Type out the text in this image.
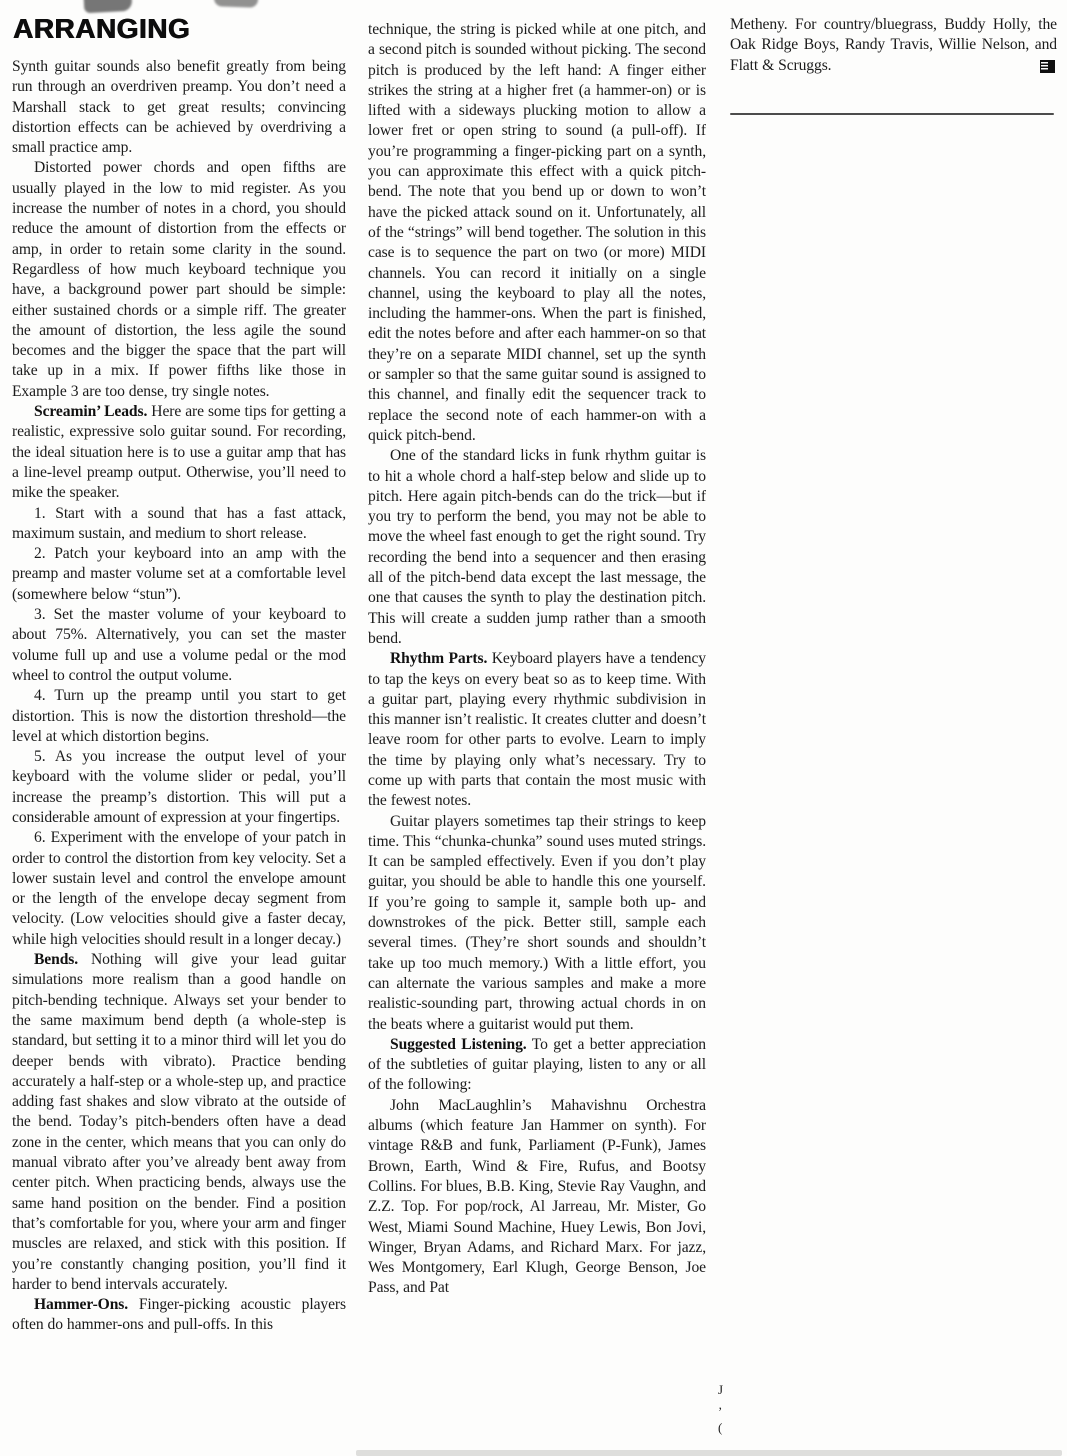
ARRANGING

Synth guitar sounds also benefit greatly from being run through an overdriven preamp. You don’t need a Marshall stack to get great results; convincing distortion effects can be achieved by overdriving a small practice amp.

Distorted power chords and open fifths are usually played in the low to mid register. As you increase the number of notes in a chord, you should reduce the amount of distortion from the effects or amp, in order to retain some clarity in the sound. Regardless of how much keyboard technique you have, a background power part should be simple: either sustained chords or a simple riff. The greater the amount of distortion, the less agile the sound becomes and the bigger the space that the part will take up in a mix. If power fifths like those in Example 3 are too dense, try single notes.

Screamin’ Leads. Here are some tips for getting a realistic, expressive solo guitar sound. For recording, the ideal situation here is to use a guitar amp that has a line-level preamp output. Otherwise, you’ll need to mike the speaker.

1. Start with a sound that has a fast attack, maximum sustain, and medium to short release.

2. Patch your keyboard into an amp with the preamp and master volume set at a comfortable level (somewhere below “stun”).

3. Set the master volume of your keyboard to about 75%. Alternatively, you can set the master volume full up and use a volume pedal or the mod wheel to control the output volume.

4. Turn up the preamp until you start to get distortion. This is now the distortion threshold—the level at which distortion begins.

5. As you increase the output level of your keyboard with the volume slider or pedal, you’ll increase the preamp’s distortion. This will put a considerable amount of expression at your fingertips.

6. Experiment with the envelope of your patch in order to control the distortion from key velocity. Set a lower sustain level and control the envelope amount or the length of the envelope decay segment from velocity. (Low velocities should give a faster decay, while high velocities should result in a longer decay.)

Bends. Nothing will give your lead guitar simulations more realism than a good handle on pitch-bending technique. Always set your bender to the same maximum bend depth (a whole-step is standard, but setting it to a minor third will let you do deeper bends with vibrato). Practice bending accurately a half-step or a whole-step up, and practice adding fast shakes and slow vibrato at the outside of the bend. Today’s pitch-benders often have a dead zone in the center, which means that you can only do manual vibrato after you’ve already bent away from center pitch. When practicing bends, always use the same hand position on the bender. Find a position that’s comfortable for you, where your arm and finger muscles are relaxed, and stick with this position. If you’re constantly changing position, you’ll find it harder to bend intervals accurately.

Hammer-Ons. Finger-picking acoustic players often do hammer-ons and pull-offs. In this

technique, the string is picked while at one pitch, and a second pitch is sounded without picking. The second pitch is produced by the left hand: A finger either strikes the string at a higher fret (a hammer-on) or is lifted with a sideways plucking motion to allow a lower fret or open string to sound (a pull-off). If you’re programming a finger-picking part on a synth, you can approximate this effect with a quick pitch-bend. The note that you bend up or down to won’t have the picked attack sound on it. Unfortunately, all of the “strings” will bend together. The solution in this case is to sequence the part on two (or more) MIDI channels. You can record it initially on a single channel, using the keyboard to play all the notes, including the hammer-ons. When the part is finished, edit the notes before and after each hammer-on so that they’re on a separate MIDI channel, set up the synth or sampler so that the same guitar sound is assigned to this channel, and finally edit the sequencer track to replace the second note of each hammer-on with a quick pitch-bend.

One of the standard licks in funk rhythm guitar is to hit a whole chord a half-step below and slide up to pitch. Here again pitch-bends can do the trick—but if you try to perform the bend, you may not be able to move the wheel fast enough to get the right sound. Try recording the bend into a sequencer and then erasing all of the pitch-bend data except the last message, the one that causes the synth to play the destination pitch. This will create a sudden jump rather than a smooth bend.

Rhythm Parts. Keyboard players have a tendency to tap the keys on every beat so as to keep time. With a guitar part, playing every rhythmic subdivision in this manner isn’t realistic. It creates clutter and doesn’t leave room for other parts to evolve. Learn to imply the time by playing only what’s necessary. Try to come up with parts that contain the most music with the fewest notes.

Guitar players sometimes tap their strings to keep time. This “chunka-chunka” sound uses muted strings. It can be sampled effectively. Even if you don’t play guitar, you should be able to handle this one yourself. If you’re going to sample it, sample both up- and downstrokes of the pick. Better still, sample each several times. (They’re short sounds and shouldn’t take up too much memory.) With a little effort, you can alternate the various samples and make a more realistic-sounding part, throwing actual chords in on the beats where a guitarist would put them.

Suggested Listening. To get a better appreciation of the subtleties of guitar playing, listen to any or all of the following:

John MacLaughlin’s Mahavishnu Orchestra albums (which feature Jan Hammer on synth). For vintage R&B and funk, Parliament (P-Funk), James Brown, Earth, Wind & Fire, Rufus, and Bootsy Collins. For blues, B.B. King, Stevie Ray Vaughn, and Z.Z. Top. For pop/rock, Al Jarreau, Mr. Mister, Go West, Miami Sound Machine, Huey Lewis, Bon Jovi, Winger, Bryan Adams, and Richard Marx. For jazz, Wes Montgomery, Earl Klugh, George Benson, Joe Pass, and Pat

Metheny. For country/bluegrass, Buddy Holly, the Oak Ridge Boys, Randy Travis, Willie Nelson, and Flatt & Scruggs.

J
’
(
